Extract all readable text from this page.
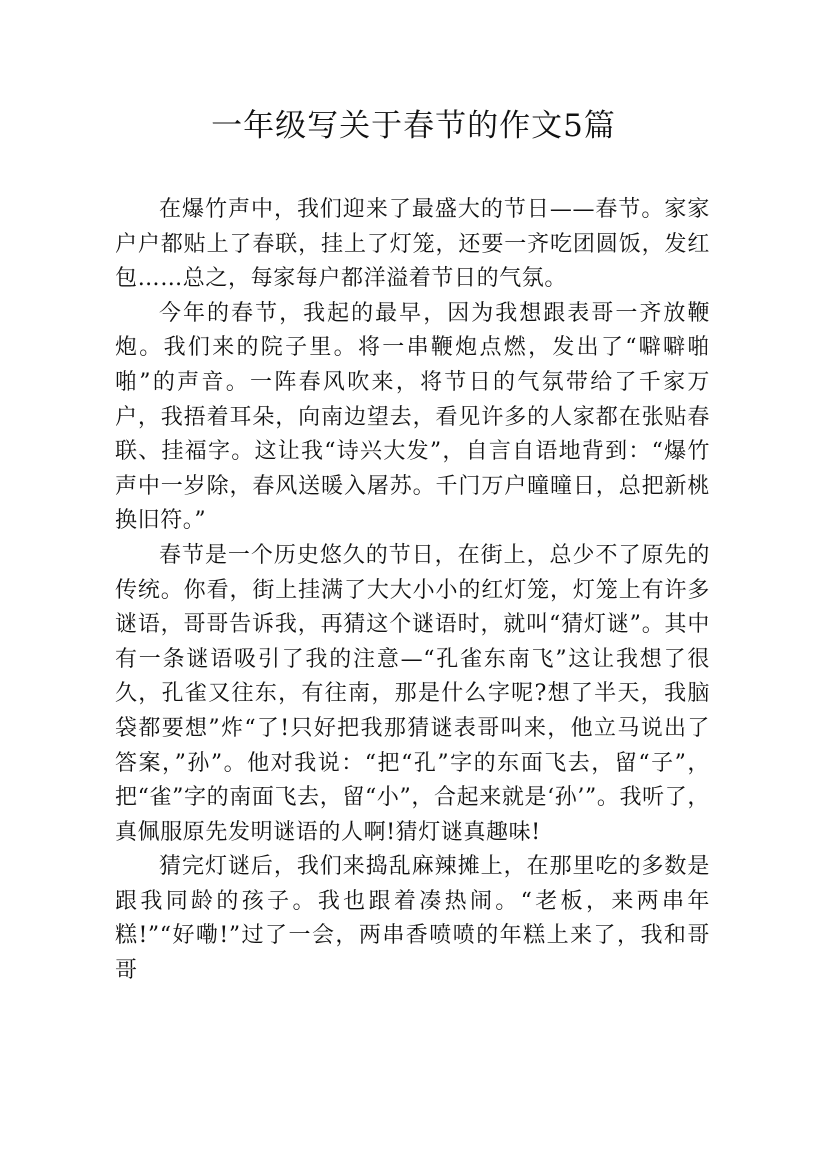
一年级写关于春节的作文5篇

在爆竹声中，我们迎来了最盛大的节日——春节。家家户户都贴上了春联，挂上了灯笼，还要一齐吃团圆饭，发红包……总之，每家每户都洋溢着节日的气氛。

今年的春节，我起的最早，因为我想跟表哥一齐放鞭炮。我们来的院子里。将一串鞭炮点燃，发出了“噼噼啪啪”的声音。一阵春风吹来，将节日的气氛带给了千家万户，我捂着耳朵，向南边望去，看见许多的人家都在张贴春联、挂福字。这让我“诗兴大发”，自言自语地背到：“爆竹声中一岁除，春风送暖入屠苏。千门万户曈曈日，总把新桃换旧符。”

春节是一个历史悠久的节日，在街上，总少不了原先的传统。你看，街上挂满了大大小小的红灯笼，灯笼上有许多谜语，哥哥告诉我，再猜这个谜语时，就叫“猜灯谜”。其中有一条谜语吸引了我的注意—“孔雀东南飞”这让我想了很久，孔雀又往东，有往南，那是什么字呢?想了半天，我脑袋都要想”炸“了!只好把我那猜谜表哥叫来，他立马说出了答案，”孙”。他对我说：“把“孔”字的东面飞去，留“子”，把“雀”字的南面飞去，留“小”，合起来就是‘孙’”。我听了，真佩服原先发明谜语的人啊!猜灯谜真趣味!

猜完灯谜后，我们来捣乱麻辣摊上，在那里吃的多数是跟我同龄的孩子。我也跟着凑热闹。“老板，来两串年糕!”“好嘞!”过了一会，两串香喷喷的年糕上来了，我和哥哥
